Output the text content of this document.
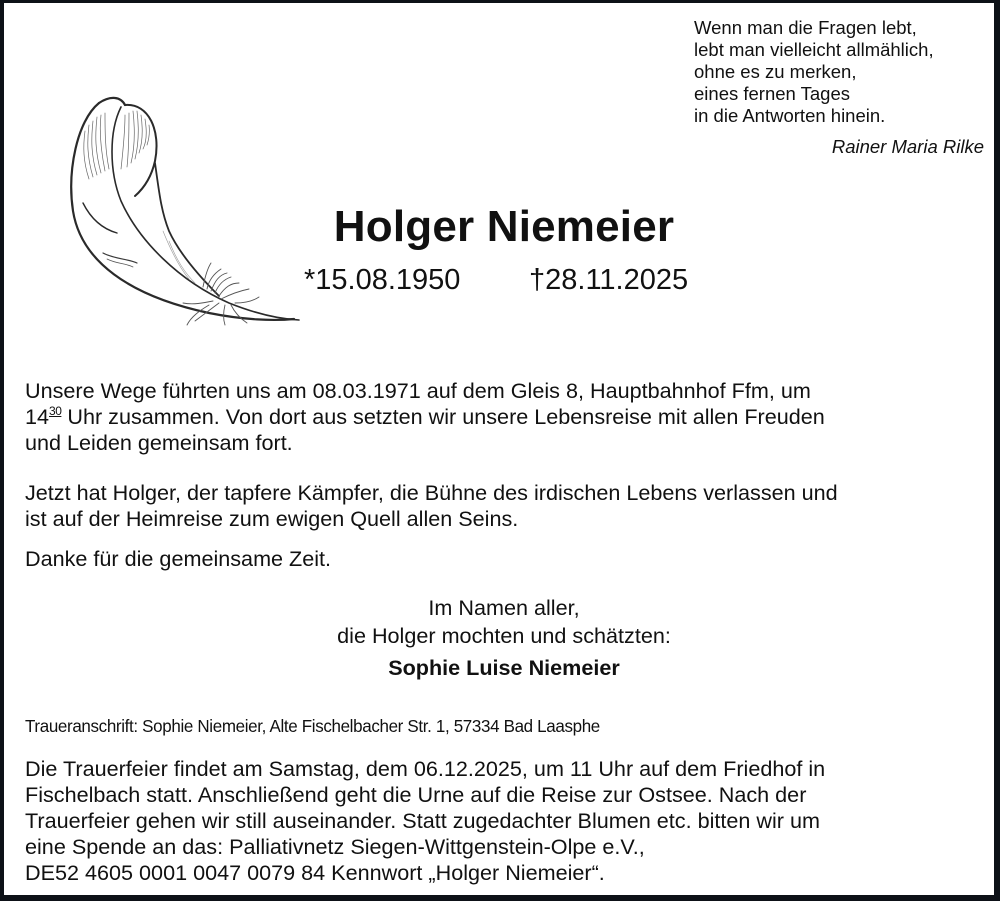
Wenn man die Fragen lebt,
lebt man vielleicht allmählich,
ohne es zu merken,
eines fernen Tages
in die Antworten hinein.
Rainer Maria Rilke
Holger Niemeier
*15.08.1950 †28.11.2025
Unsere Wege führten uns am 08.03.1971 auf dem Gleis 8, Hauptbahnhof Ffm, um
$14^{30}$ Uhr zusammen. Von dort aus setzten wir unsere Lebensreise mit allen Freuden
und Leiden gemeinsam fort.
Jetzt hat Holger, der tapfere Kämpfer, die Bühne des irdischen Lebens verlassen und
ist auf der Heimreise zum ewigen Quell allen Seins.
Danke für die gemeinsame Zeit.
Im Namen aller,
die Holger mochten und schätzten:
Sophie Luise Niemeier
Traueranschrift: Sophie Niemeier, Alte Fischelbacher Str. 1, 57334 Bad Laasphe
Die Trauerfeier findet am Samstag, dem 06.12.2025, um 11 Uhr auf dem Friedhof in
Fischelbach statt. Anschließend geht die Urne auf die Reise zur Ostsee. Nach der
Trauerfeier gehen wir still auseinander. Statt zugedachter Blumen etc. bitten wir um
eine Spende an das: Palliativnetz Siegen-Wittgenstein-Olpe e.V.,
DE52 4605 0001 0047 0079 84 Kennwort „Holger Niemeier“.
